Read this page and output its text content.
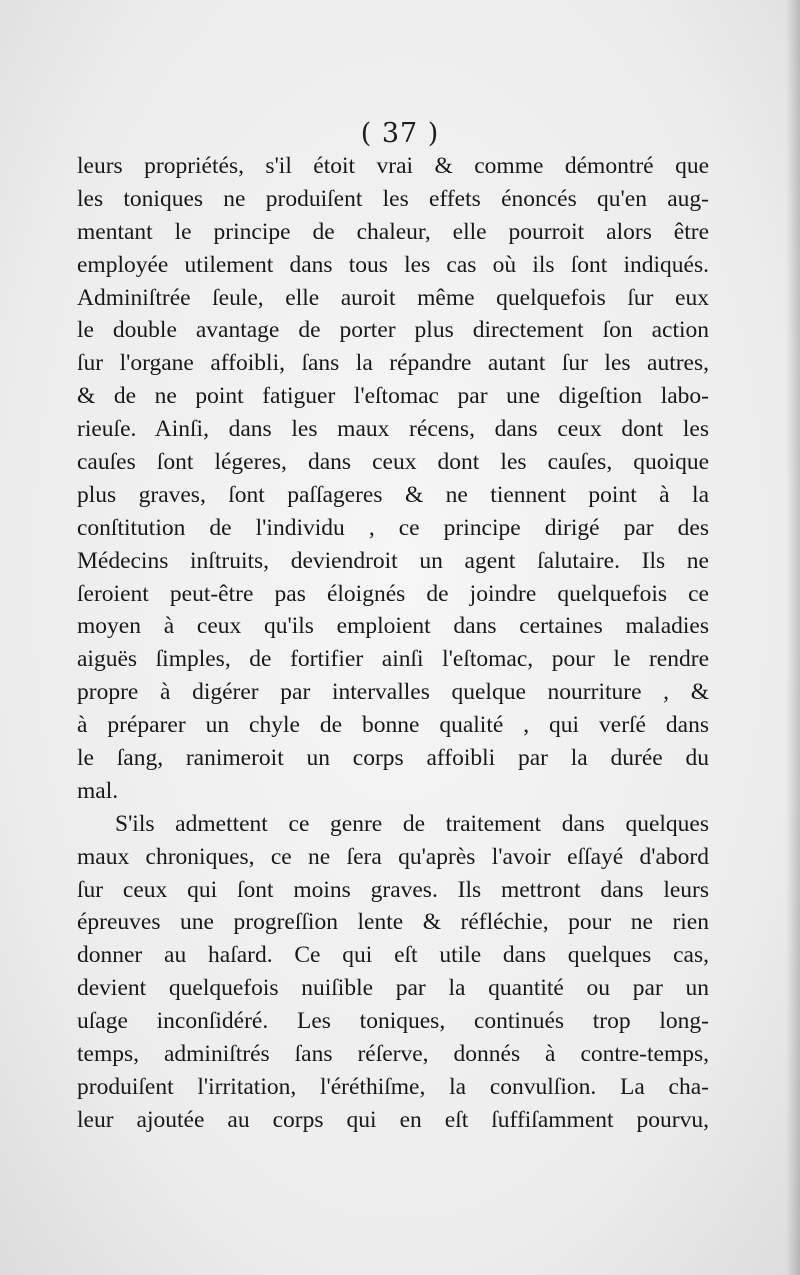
( 37 )
leurs propriétés, s'il étoit vrai & comme démontré que
les toniques ne produiſent les effets énoncés qu'en aug-
mentant le principe de chaleur, elle pourroit alors être
employée utilement dans tous les cas où ils ſont indiqués.
Adminiſtrée ſeule, elle auroit même quelquefois ſur eux
le double avantage de porter plus directement ſon action
ſur l'organe affoibli, ſans la répandre autant ſur les autres,
& de ne point fatiguer l'eſtomac par une digeſtion labo-
rieuſe. Ainſi, dans les maux récens, dans ceux dont les
cauſes ſont légeres, dans ceux dont les cauſes, quoique
plus graves, ſont paſſageres & ne tiennent point à la
conſtitution de l'individu , ce principe dirigé par des
Médecins inſtruits, deviendroit un agent ſalutaire. Ils ne
ſeroient peut-être pas éloignés de joindre quelquefois ce
moyen à ceux qu'ils emploient dans certaines maladies
aiguës ſimples, de fortifier ainſi l'eſtomac, pour le rendre
propre à digérer par intervalles quelque nourriture , &
à préparer un chyle de bonne qualité , qui verſé dans
le ſang, ranimeroit un corps affoibli par la durée du
mal.
S'ils admettent ce genre de traitement dans quelques
maux chroniques, ce ne ſera qu'après l'avoir eſſayé d'abord
ſur ceux qui ſont moins graves. Ils mettront dans leurs
épreuves une progreſſion lente & réfléchie, pour ne rien
donner au haſard. Ce qui eſt utile dans quelques cas,
devient quelquefois nuiſible par la quantité ou par un
uſage inconſidéré. Les toniques, continués trop long-
temps, adminiſtrés ſans réſerve, donnés à contre-temps,
produiſent l'irritation, l'éréthiſme, la convulſion. La cha-
leur ajoutée au corps qui en eſt ſuffiſamment pourvu,
